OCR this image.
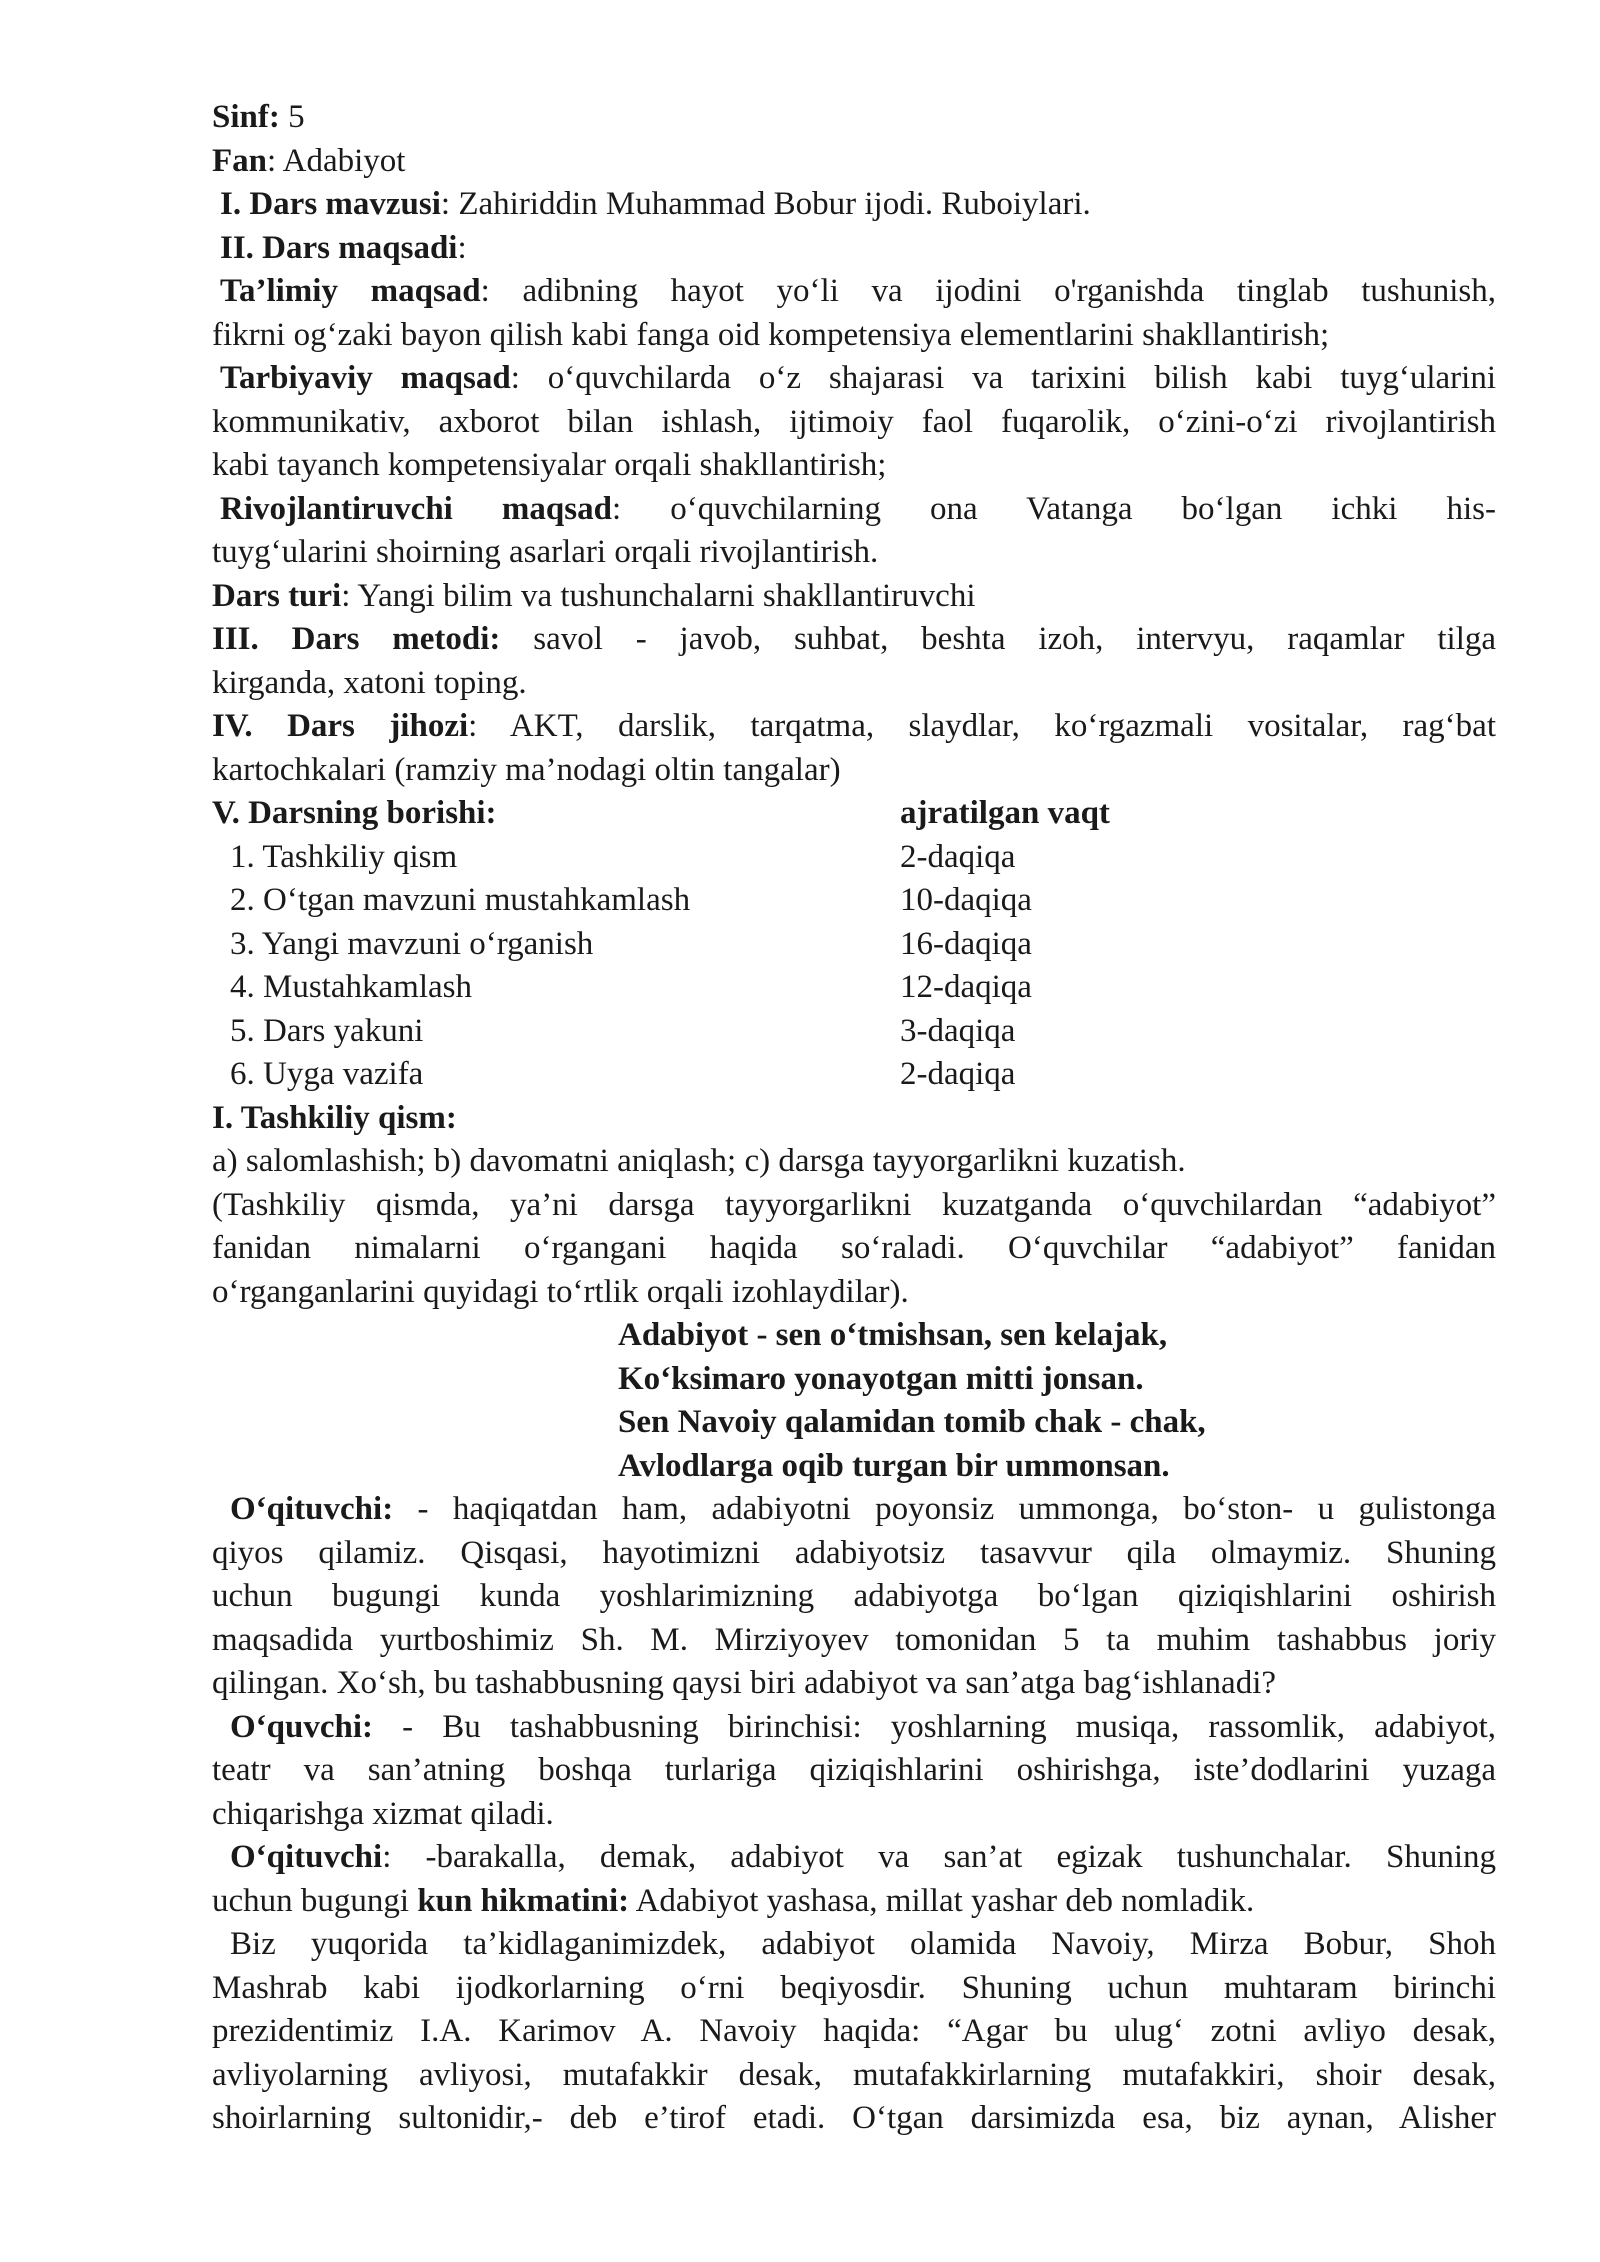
Sinf: 5
Fan: Adabiyot
I. Dars mavzusi: Zahiriddin Muhammad Bobur ijodi. Ruboiylari.
II. Dars maqsadi:
Ta’limiy maqsad: adibning hayot yo‘li va ijodini o'rganishda tinglab tushunish,
fikrni og‘zaki bayon qilish kabi fanga oid kompetensiya elementlarini shakllantirish;
Tarbiyaviy maqsad: o‘quvchilarda o‘z shajarasi va tarixini bilish kabi tuyg‘ularini
kommunikativ, axborot bilan ishlash, ijtimoiy faol fuqarolik, o‘zini-o‘zi rivojlantirish
kabi tayanch kompetensiyalar orqali shakllantirish;
Rivojlantiruvchi maqsad: o‘quvchilarning ona Vatanga bo‘lgan ichki his-
tuyg‘ularini shoirning asarlari orqali rivojlantirish.
Dars turi: Yangi bilim va tushunchalarni shakllantiruvchi
III. Dars metodi: savol - javob, suhbat, beshta izoh, intervyu, raqamlar tilga
kirganda, xatoni toping.
IV. Dars jihozi: AKT, darslik, tarqatma, slaydlar, ko‘rgazmali vositalar, rag‘bat
kartochkalari (ramziy ma’nodagi oltin tangalar)
V. Darsning borishi:	ajratilgan vaqt
1. Tashkiliy qism	2-daqiqa
2. O‘tgan mavzuni mustahkamlash	10-daqiqa
3. Yangi mavzuni o‘rganish	16-daqiqa
4. Mustahkamlash	12-daqiqa
5. Dars yakuni	3-daqiqa
6. Uyga vazifa	2-daqiqa
I. Tashkiliy qism:
a) salomlashish; b) davomatni aniqlash; c) darsga tayyorgarlikni kuzatish.
(Tashkiliy qismda, ya’ni darsga tayyorgarlikni kuzatganda o‘quvchilardan “adabiyot”
fanidan nimalarni o‘rgangani haqida so‘raladi. O‘quvchilar “adabiyot” fanidan
o‘rganganlarini quyidagi to‘rtlik orqali izohlaydilar).
Adabiyot - sen o‘tmishsan, sen kelajak,
Ko‘ksimaro yonayotgan mitti jonsan.
Sen Navoiy qalamidan tomib chak - chak,
Avlodlarga oqib turgan bir ummonsan.
O‘qituvchi: - haqiqatdan ham, adabiyotni poyonsiz ummonga, bo‘ston- u gulistonga
qiyos qilamiz. Qisqasi, hayotimizni adabiyotsiz tasavvur qila olmaymiz. Shuning
uchun bugungi kunda yoshlarimizning adabiyotga bo‘lgan qiziqishlarini oshirish
maqsadida yurtboshimiz Sh. M. Mirziyoyev tomonidan 5 ta muhim tashabbus joriy
qilingan. Xo‘sh, bu tashabbusning qaysi biri adabiyot va san’atga bag‘ishlanadi?
O‘quvchi: - Bu tashabbusning birinchisi: yoshlarning musiqa, rassomlik, adabiyot,
teatr va san’atning boshqa turlariga qiziqishlarini oshirishga, iste’dodlarini yuzaga
chiqarishga xizmat qiladi.
O‘qituvchi: -barakalla, demak, adabiyot va san’at egizak tushunchalar. Shuning
uchun bugungi kun hikmatini: Adabiyot yashasa, millat yashar deb nomladik.
Biz yuqorida ta’kidlaganimizdek, adabiyot olamida Navoiy, Mirza Bobur, Shoh
Mashrab kabi ijodkorlarning o‘rni beqiyosdir. Shuning uchun muhtaram birinchi
prezidentimiz I.A. Karimov A. Navoiy haqida: “Agar bu ulug‘ zotni avliyo desak,
avliyolarning avliyosi, mutafakkir desak, mutafakkirlarning mutafakkiri, shoir desak,
shoirlarning sultonidir,- deb e’tirof etadi. O‘tgan darsimizda esa, biz aynan, Alisher
